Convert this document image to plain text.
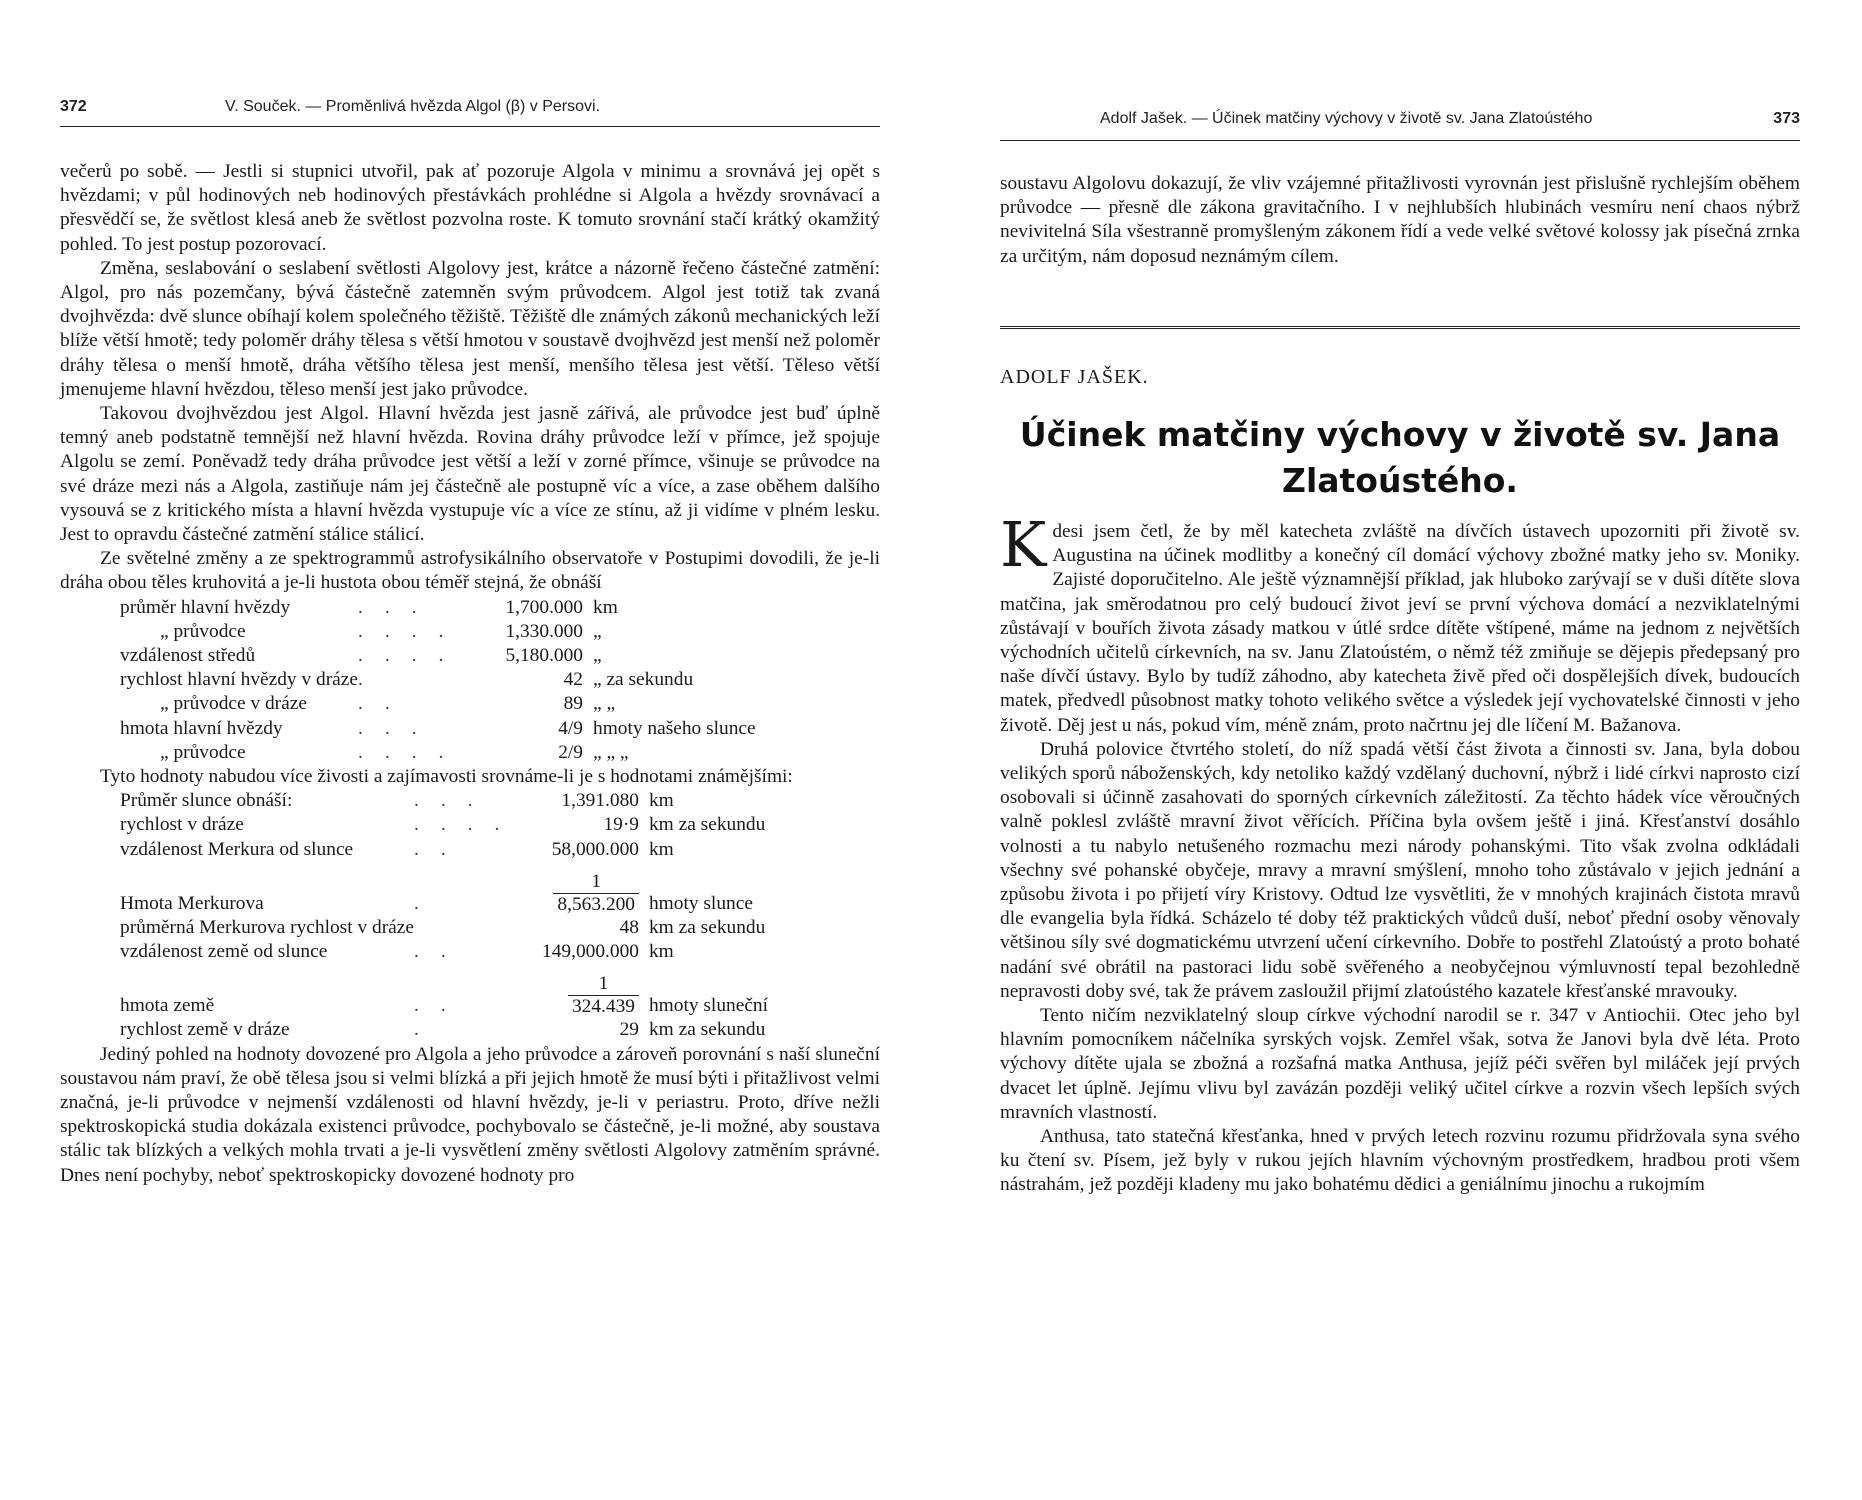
372	V. Souček. — Proměnlivá hvězda Algol (β) v Persovi.

večerů po sobě. — Jestli si stupnici utvořil, pak ať pozoruje Algola v minimu a srovnává jej opět s hvězdami; v půl hodinových neb hodinových přestávkách prohlédne si Algola a hvězdy srovnávací a přesvědčí se, že světlost klesá aneb že světlost pozvolna roste. K tomuto srovnání stačí krátký okamžitý pohled. To jest postup pozorovací.

Změna, seslabování o seslabení světlosti Algolovy jest, krátce a názorně řečeno částečné zatmění: Algol, pro nás pozemčany, bývá částečně zatemněn svým průvodcem. Algol jest totiž tak zvaná dvojhvězda: dvě slunce obíhají kolem společného těžiště. Těžiště dle známých zákonů mechanických leží blíže větší hmotě; tedy poloměr dráhy tělesa s větší hmotou v soustavě dvojhvězd jest menší než poloměr dráhy tělesa o menší hmotě, dráha většího tělesa jest menší, menšího tělesa jest větší. Těleso větší jmenujeme hlavní hvězdou, těleso menší jest jako průvodce.

Takovou dvojhvězdou jest Algol. Hlavní hvězda jest jasně zářivá, ale průvodce jest buď úplně temný aneb podstatně temnější než hlavní hvězda. Rovina dráhy průvodce leží v přímce, jež spojuje Algolu se zemí. Poněvadž tedy dráha průvodce jest větší a leží v zorné přímce, všinuje se průvodce na své dráze mezi nás a Algola, zastiňuje nám jej částečně ale postupně víc a více, a zase oběhem dalšího vysouvá se z kritického místa a hlavní hvězda vystupuje víc a více ze stínu, až ji vidíme v plném lesku. Jest to opravdu částečné zatmění stálice stálicí.

Ze světelné změny a ze spektrogrammů astrofysikálního observatoře v Postupimi dovodili, že je-li dráha obou těles kruhovitá a je-li hustota obou téměř stejná, že obnáší

průměr hlavní hvězdy	...	1,700.000	km
„ průvodce	....	1,330.000	„
vzdálenost středů	....	5,180.000	„
rychlost hlavní hvězdy v dráze	.	42	„ za sekundu
„ průvodce v dráze	..	89	„ „
hmota hlavní hvězdy	...	4/9	hmoty našeho slunce
„ průvodce	....	2/9	„ „ „

Tyto hodnoty nabudou více živosti a zajímavosti srovnáme-li je s hodnotami známějšími:

Průměr slunce obnáší:	...	1,391.080	km
rychlost v dráze	....	19·9	km za sekundu
vzdálenost Merkura od slunce	..	58,000.000	km
Hmota Merkurova	.	$\frac{1}{8,563.200}$	hmoty slunce
průměrná Merkurova rychlost v dráze		48	km za sekundu
vzdálenost země od slunce	..	149,000.000	km
hmota země	..	$\frac{1}{324.439}$	hmoty sluneční
rychlost země v dráze	.	29	km za sekundu

Jediný pohled na hodnoty dovozené pro Algola a jeho průvodce a zároveň porovnání s naší sluneční soustavou nám praví, že obě tělesa jsou si velmi blízká a při jejich hmotě že musí býti i přitažlivost velmi značná, je-li průvodce v nejmenší vzdálenosti od hlavní hvězdy, je-li v periastru. Proto, dříve nežli spektroskopická studia dokázala existenci průvodce, pochybovalo se částečně, je-li možné, aby soustava stálic tak blízkých a velkých mohla trvati a je-li vysvětlení změny světlosti Algolovy zatměním správné. Dnes není pochyby, neboť spektroskopicky dovozené hodnoty pro

Adolf Jašek. — Účinek matčiny výchovy v životě sv. Jana Zlatoústého	373

soustavu Algolovu dokazují, že vliv vzájemné přitažlivosti vyrovnán jest přislušně rychlejším oběhem průvodce — přesně dle zákona gravitačního. I v nejhlubších hlubinách vesmíru není chaos nýbrž nevivitelná Síla všestranně promyšleným zákonem řídí a vede velké světové kolossy jak písečná zrnka za určitým, nám doposud neznámým cílem.

ADOLF JAŠEK.
Účinek matčiny výchovy v životě sv. Jana Zlatoústého.

Kdesi jsem četl, že by měl katecheta zvláště na dívčích ústavech upozorniti při životě sv. Augustina na účinek modlitby a konečný cíl domácí výchovy zbožné matky jeho sv. Moniky. Zajisté doporučitelno. Ale ještě významnější příklad, jak hluboko zarývají se v duši dítěte slova matčina, jak směrodatnou pro celý budoucí život jeví se první výchova domácí a nezviklatelnými zůstávají v bouřích života zásady matkou v útlé srdce dítěte vštípené, máme na jednom z největších východních učitelů církevních, na sv. Janu Zlatoústém, o němž též zmiňuje se dějepis předepsaný pro naše dívčí ústavy. Bylo by tudíž záhodno, aby katecheta živě před oči dospělejších dívek, budoucích matek, předvedl působnost matky tohoto velikého světce a výsledek její vychovatelské činnosti v jeho životě. Děj jest u nás, pokud vím, méně znám, proto načrtnu jej dle líčení M. Bažanova.

Druhá polovice čtvrtého století, do níž spadá větší část života a činnosti sv. Jana, byla dobou velikých sporů náboženských, kdy netoliko každý vzdělaný duchovní, nýbrž i lidé církvi naprosto cizí osobovali si účinně zasahovati do sporných církevních záležitostí. Za těchto hádek více věroučných valně poklesl zvláště mravní život věřících. Příčina byla ovšem ještě i jiná. Křesťanství dosáhlo volnosti a tu nabylo netušeného rozmachu mezi národy pohanskými. Tito však zvolna odkládali všechny své pohanské obyčeje, mravy a mravní smýšlení, mnoho toho zůstávalo v jejich jednání a způsobu života i po přijetí víry Kristovy. Odtud lze vysvětliti, že v mnohých krajinách čistota mravů dle evangelia byla řídká. Scházelo té doby též praktických vůdců duší, neboť přední osoby věnovaly většinou síly své dogmatickému utvrzení učení církevního. Dobře to postřehl Zlatoústý a proto bohaté nadání své obrátil na pastoraci lidu sobě svěřeného a neobyčejnou výmluvností tepal bezohledně nepravosti doby své, tak že právem zasloužil přijmí zlatoústého kazatele křesťanské mravouky.

Tento ničím nezviklatelný sloup církve východní narodil se r. 347 v Antiochii. Otec jeho byl hlavním pomocníkem náčelníka syrských vojsk. Zemřel však, sotva že Janovi byla dvě léta. Proto výchovy dítěte ujala se zbožná a rozšafná matka Anthusa, jejíž péči svěřen byl miláček její prvých dvacet let úplně. Jejímu vlivu byl zavázán později veliký učitel církve a rozvin všech lepších svých mravních vlastností.

Anthusa, tato statečná křesťanka, hned v prvých letech rozvinu rozumu přidržovala syna svého ku čtení sv. Písem, jež byly v rukou jejích hlavním výchovným prostředkem, hradbou proti všem nástrahám, jež později kladeny mu jako bohatému dědici a geniálnímu jinochu a rukojmím
